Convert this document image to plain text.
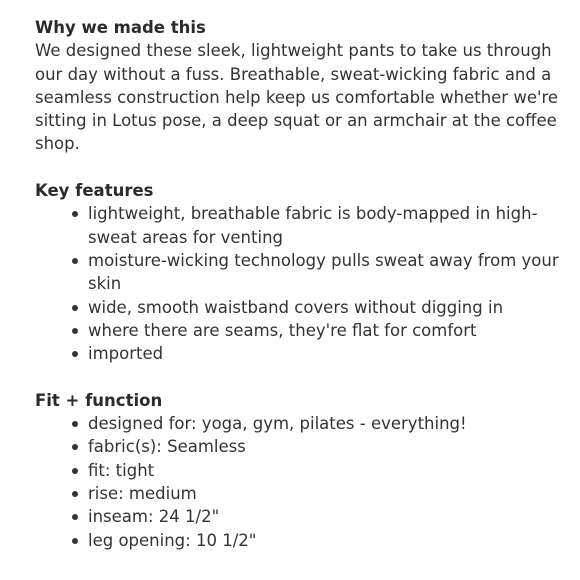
Why we made this

We designed these sleek, lightweight pants to take us through our day without a fuss. Breathable, sweat-wicking fabric and a seamless construction help keep us comfortable whether we're sitting in Lotus pose, a deep squat or an armchair at the coffee shop.

Key features
lightweight, breathable fabric is body-mapped in high-sweat areas for venting
moisture-wicking technology pulls sweat away from your skin
wide, smooth waistband covers without digging in
where there are seams, they're flat for comfort
imported
Fit + function
designed for: yoga, gym, pilates - everything!
fabric(s): Seamless
fit: tight
rise: medium
inseam: 24 1/2"
leg opening: 10 1/2"
